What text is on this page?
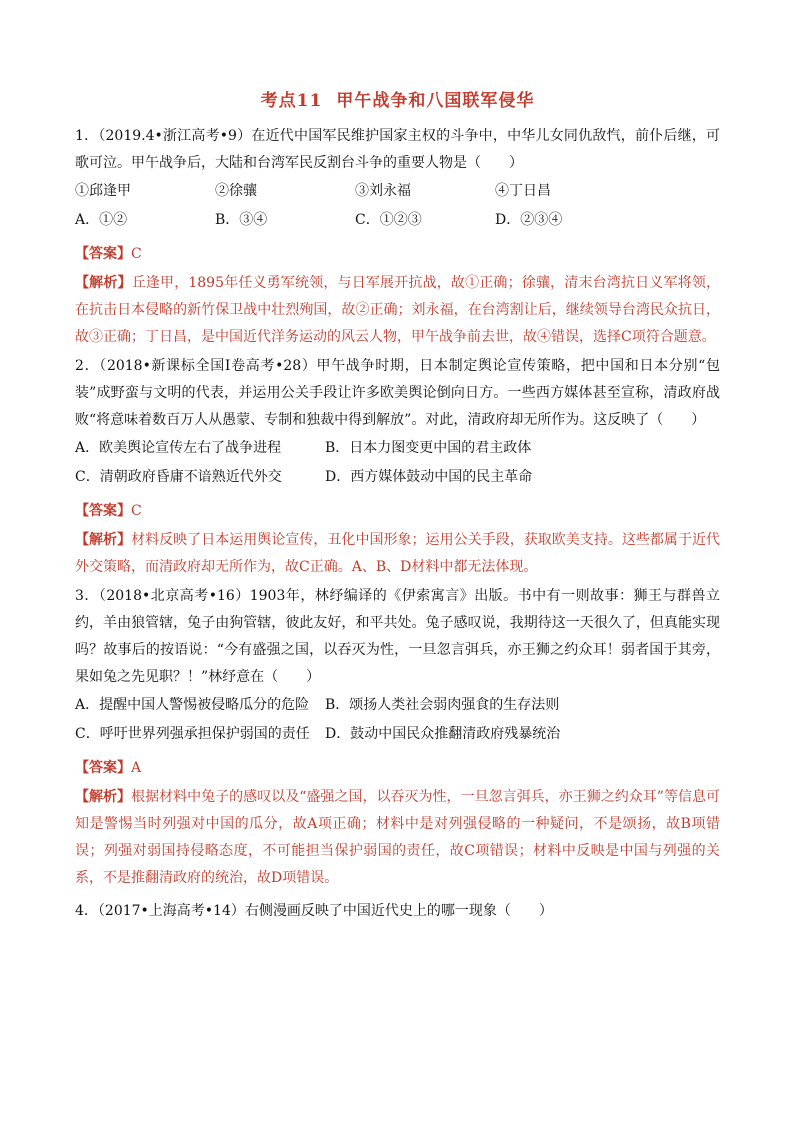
考点11 甲午战争和八国联军侵华

1．（2019.4•浙江高考•9）在近代中国军民维护国家主权的斗争中，中华儿女同仇敌忾，前仆后继，可歌可泣。甲午战争后，大陆和台湾军民反割台斗争的重要人物是（　　）

①邱逢甲	②徐骧	③刘永福	④丁日昌
A．①②	B．③④	C．①②③	D．②③④

【答案】C

【解析】丘逢甲，1895年任义勇军统领，与日军展开抗战，故①正确；徐骧，清末台湾抗日义军将领，在抗击日本侵略的新竹保卫战中壮烈殉国，故②正确；刘永福，在台湾割让后，继续领导台湾民众抗日，故③正确；丁日昌，是中国近代洋务运动的风云人物，甲午战争前去世，故④错误，选择C项符合题意。

2．（2018•新课标全国Ⅰ卷高考•28）甲午战争时期，日本制定舆论宣传策略，把中国和日本分别“包装”成野蛮与文明的代表，并运用公关手段让许多欧美舆论倒向日方。一些西方媒体甚至宣称，清政府战败“将意味着数百万人从愚蒙、专制和独裁中得到解放”。对此，清政府却无所作为。这反映了（　　）

A．欧美舆论宣传左右了战争进程	B．日本力图变更中国的君主政体
C．清朝政府昏庸不谙熟近代外交	D．西方媒体鼓动中国的民主革命

【答案】C

【解析】材料反映了日本运用舆论宣传，丑化中国形象；运用公关手段，获取欧美支持。这些都属于近代外交策略，而清政府却无所作为，故C正确。A、B、D材料中都无法体现。

3．（2018•北京高考•16）1903年，林纾编译的《伊索寓言》出版。书中有一则故事：狮王与群兽立约，羊由狼管辖，兔子由狗管辖，彼此友好，和平共处。兔子感叹说，我期待这一天很久了，但真能实现吗？故事后的按语说：“今有盛强之国，以吞灭为性，一旦忽言弭兵，亦王狮之约众耳！弱者国于其旁，果如兔之先见职？！”林纾意在（　　）

A．提醒中国人警惕被侵略瓜分的危险	B．颂扬人类社会弱肉强食的生存法则
C．呼吁世界列强承担保护弱国的责任	D．鼓动中国民众推翻清政府残暴统治

【答案】A

【解析】根据材料中兔子的感叹以及“盛强之国，以吞灭为性，一旦忽言弭兵，亦王狮之约众耳”等信息可知是警惕当时列强对中国的瓜分，故A项正确；材料中是对列强侵略的一种疑问，不是颂扬，故B项错误；列强对弱国持侵略态度，不可能担当保护弱国的责任，故C项错误；材料中反映是中国与列强的关系，不是推翻清政府的统治，故D项错误。

4．（2017•上海高考•14）右侧漫画反映了中国近代史上的哪一现象（　　）
